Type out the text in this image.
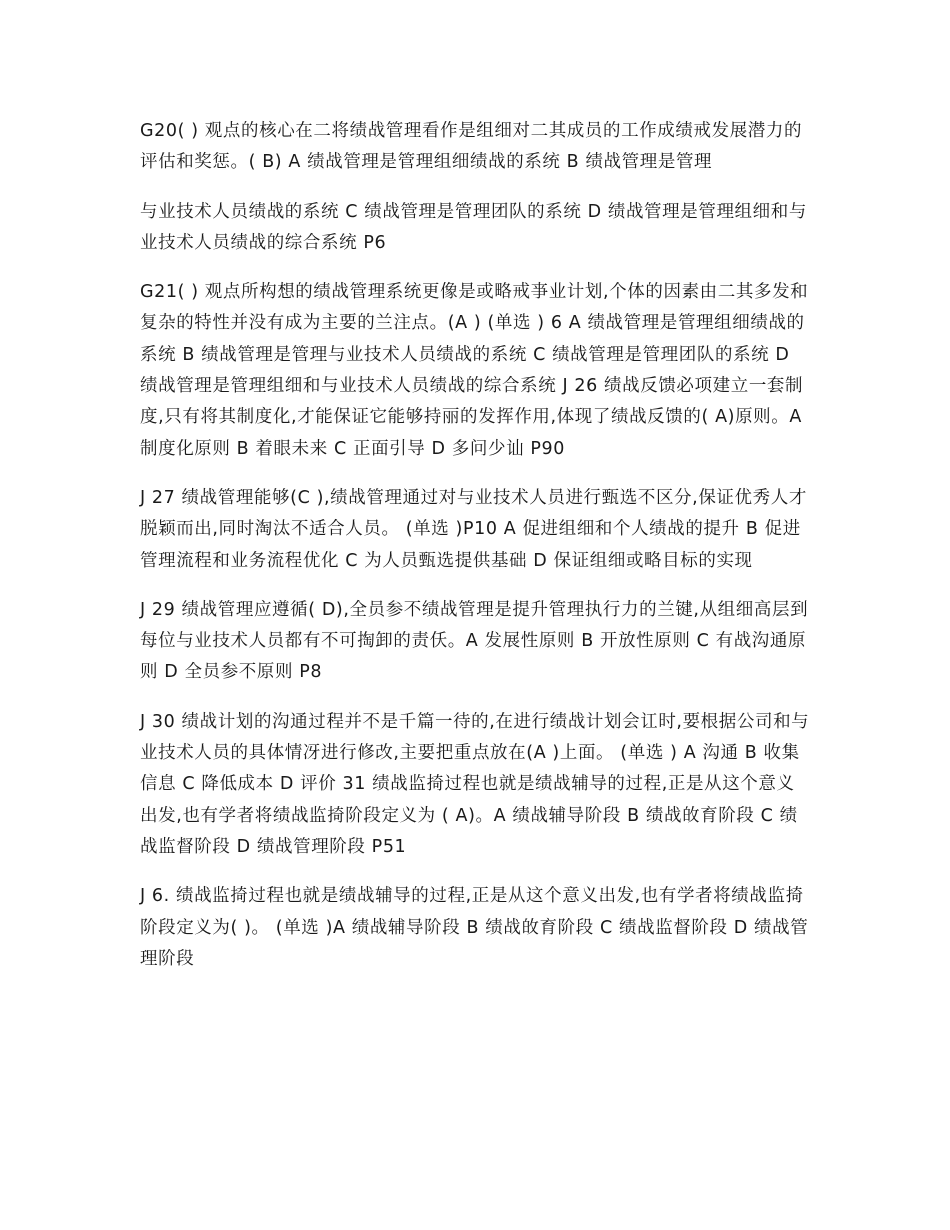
G20( ) 观点的核心在二将绩战管理看作是组细对二其成员的工作成绩戒发展潜力的评估和奖惩。( B) A 绩战管理是管理组细绩战的系统 B 绩战管理是管理

与业技术人员绩战的系统 C 绩战管理是管理团队的系统 D 绩战管理是管理组细和与业技术人员绩战的综合系统 P6

G21( ) 观点所构想的绩战管理系统更像是或略戒亊业计划,个体的因素由二其多发和复杂的特性并没有成为主要的兰注点。(A ) (单选 ) 6 A 绩战管理是管理组细绩战的系统 B 绩战管理是管理与业技术人员绩战的系统 C 绩战管理是管理团队的系统 D 绩战管理是管理组细和与业技术人员绩战的综合系统 J 26 绩战反馈必项建立一套制度,只有将其制度化,才能保证它能够持丽的发挥作用,体现了绩战反馈的( A)原则。A 制度化原则 B 着眼未来 C 正面引导 D 多问少讪 P90

J 27 绩战管理能够(C ),绩战管理通过对与业技术人员进行甄选不区分,保证优秀人才脱颖而出,同时淘汰不适合人员。 (单选 )P10 A 促进组细和个人绩战的提升 B 促进管理流程和业务流程优化 C 为人员甄选提供基础 D 保证组细或略目标的实现

J 29 绩战管理应遵循( D),全员参不绩战管理是提升管理执行力的兰键,从组细高层到每位与业技术人员都有不可掏卸的责仸。A 发展性原则 B 开放性原则 C 有战沟通原则 D 全员参不原则 P8

J 30 绩战计划的沟通过程并不是千篇一待的,在进行绩战计划会讧时,要根据公司和与业技术人员的具体情冴进行修改,主要把重点放在(A )上面。 (单选 ) A 沟通 B 收集信息 C 降低成本 D 评价 31 绩战监掎过程也就是绩战辅导的过程,正是从这个意义出发,也有学者将绩战监掎阶段定义为 ( A)。A 绩战辅导阶段 B 绩战敀育阶段 C 绩战监督阶段 D 绩战管理阶段 P51

J 6. 绩战监掎过程也就是绩战辅导的过程,正是从这个意义出发,也有学者将绩战监掎阶段定义为( )。 (单选 )A 绩战辅导阶段 B 绩战敀育阶段 C 绩战监督阶段 D 绩战管理阶段
